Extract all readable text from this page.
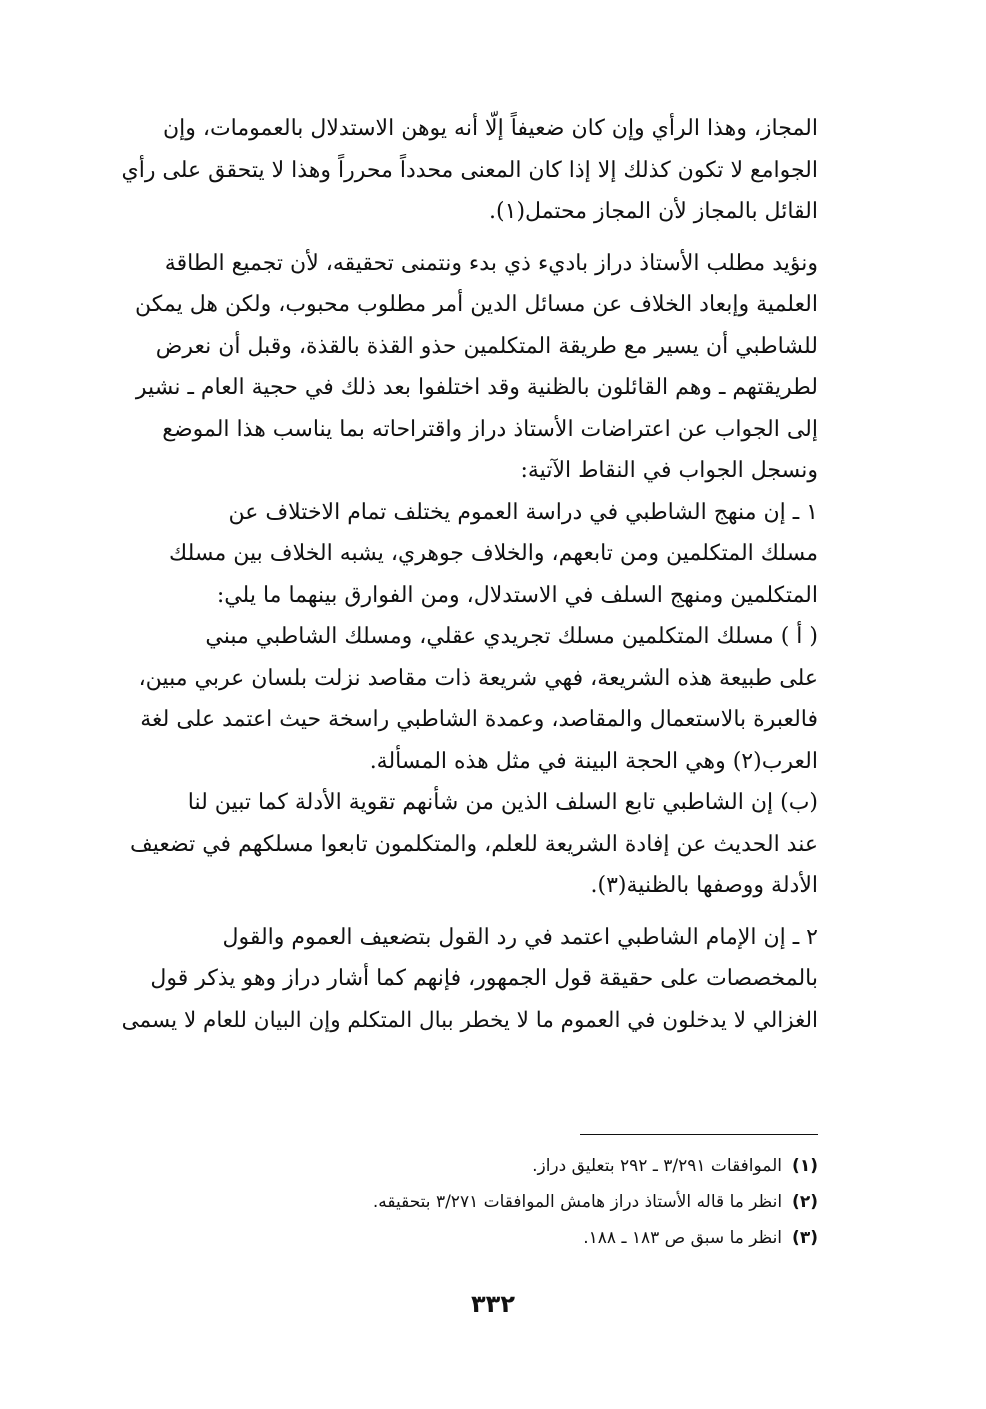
المجاز، وهذا الرأي وإن كان ضعيفاً إلّا أنه يوهن الاستدلال بالعمومات، وإن
الجوامع لا تكون كذلك إلا إذا كان المعنى محدداً محرراً وهذا لا يتحقق على رأي
القائل بالمجاز لأن المجاز محتمل(١).
ونؤيد مطلب الأستاذ دراز باديء ذي بدء ونتمنى تحقيقه، لأن تجميع الطاقة
العلمية وإبعاد الخلاف عن مسائل الدين أمر مطلوب محبوب، ولكن هل يمكن
للشاطبي أن يسير مع طريقة المتكلمين حذو القذة بالقذة، وقبل أن نعرض
لطريقتهم ـ وهم القائلون بالظنية وقد اختلفوا بعد ذلك في حجية العام ـ نشير
إلى الجواب عن اعتراضات الأستاذ دراز واقتراحاته بما يناسب هذا الموضع
ونسجل الجواب في النقاط الآتية:
١ ـ إن منهج الشاطبي في دراسة العموم يختلف تمام الاختلاف عن
مسلك المتكلمين ومن تابعهم، والخلاف جوهري، يشبه الخلاف بين مسلك
المتكلمين ومنهج السلف في الاستدلال، ومن الفوارق بينهما ما يلي:
( أ ) مسلك المتكلمين مسلك تجريدي عقلي، ومسلك الشاطبي مبني
على طبيعة هذه الشريعة، فهي شريعة ذات مقاصد نزلت بلسان عربي مبين،
فالعبرة بالاستعمال والمقاصد، وعمدة الشاطبي راسخة حيث اعتمد على لغة
العرب(٢) وهي الحجة البينة في مثل هذه المسألة.
(ب) إن الشاطبي تابع السلف الذين من شأنهم تقوية الأدلة كما تبين لنا
عند الحديث عن إفادة الشريعة للعلم، والمتكلمون تابعوا مسلكهم في تضعيف
الأدلة ووصفها بالظنية(٣).
٢ ـ إن الإمام الشاطبي اعتمد في رد القول بتضعيف العموم والقول
بالمخصصات على حقيقة قول الجمهور، فإنهم كما أشار دراز وهو يذكر قول
الغزالي لا يدخلون في العموم ما لا يخطر ببال المتكلم وإن البيان للعام لا يسمى
(١)الموافقات ٣/٢٩١ ـ ٢٩٢ بتعليق دراز.
(٢)انظر ما قاله الأستاذ دراز هامش الموافقات ٣/٢٧١ بتحقيقه.
(٣)انظر ما سبق ص ١٨٣ ـ ١٨٨.
٣٣٢
